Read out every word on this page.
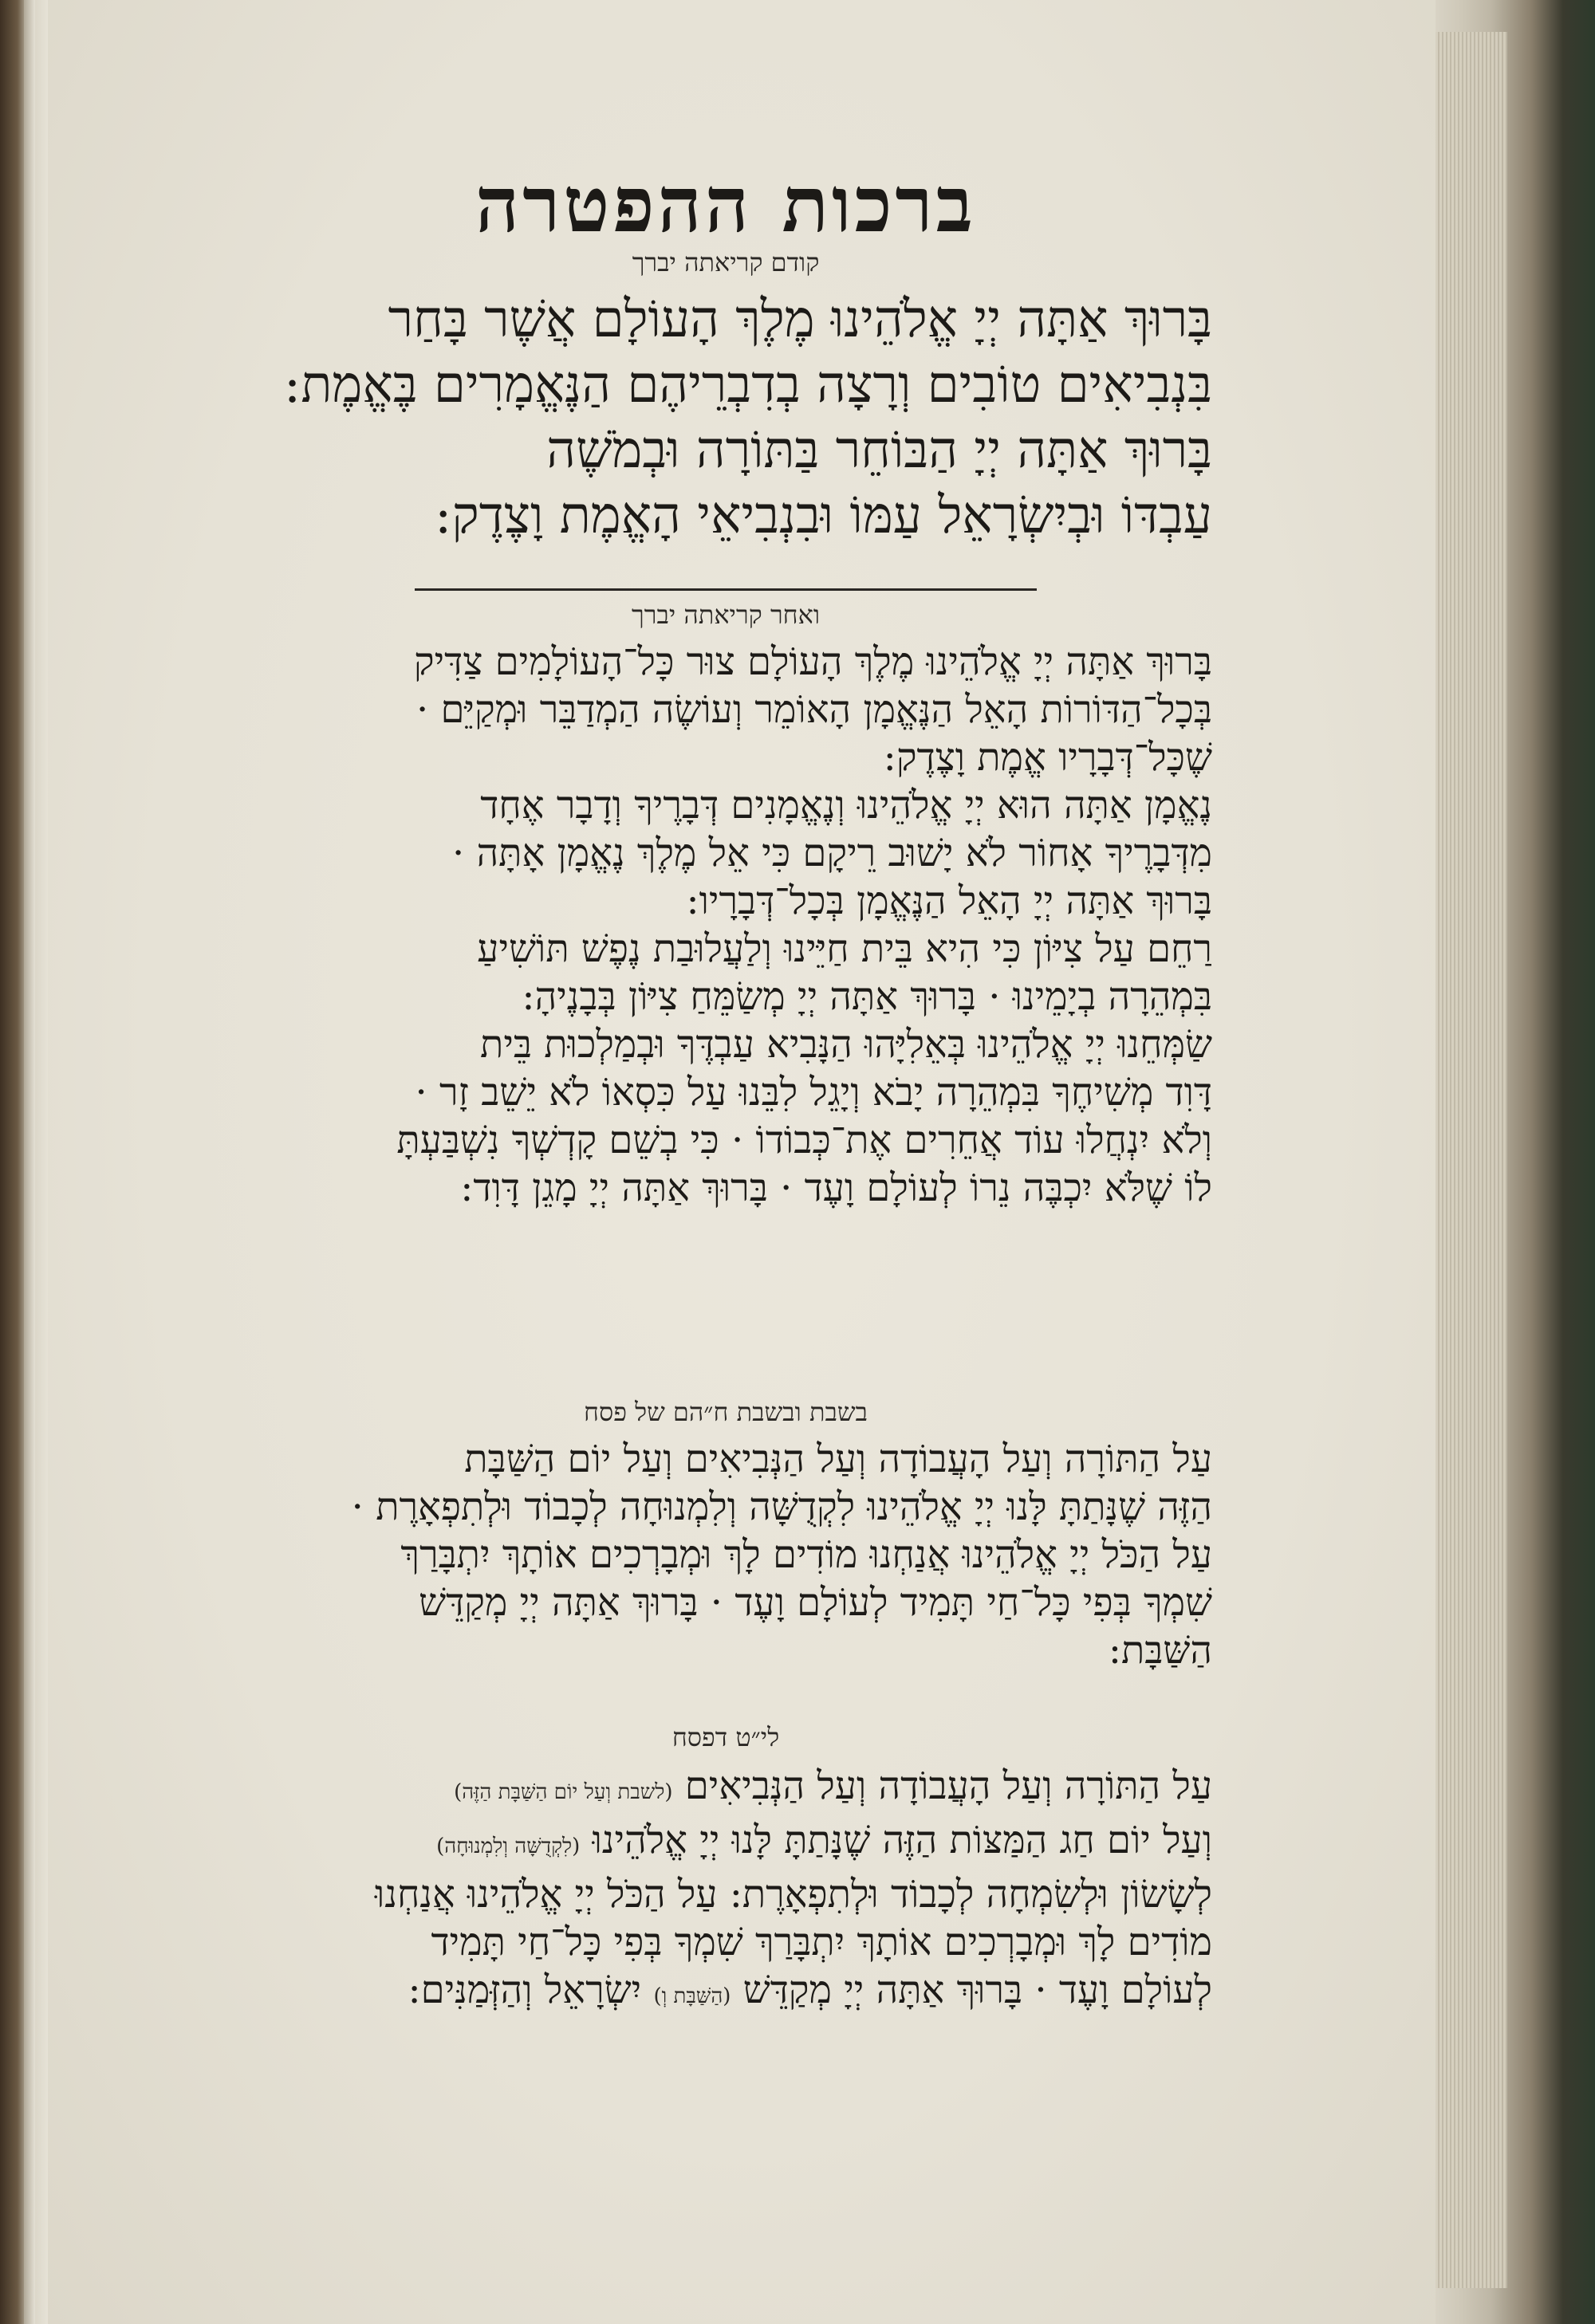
ברכות ההפטרה
קודם קריאתה יברך
בָּרוּךְ אַתָּה יְיָ אֱלֹהֵינוּ מֶלֶךְ הָעוֹלָם אֲשֶׁר בָּחַר
בִּנְבִיאִים טוֹבִים וְרָצָה בְדִבְרֵיהֶם הַנֶּאֱמָרִים בֶּאֱמֶת:
בָּרוּךְ אַתָּה יְיָ הַבּוֹחֵר בַּתּוֹרָה וּבְמֹשֶׁה
עַבְדּוֹ וּבְיִשְׂרָאֵל עַמּוֹ וּבִנְבִיאֵי הָאֱמֶת וָצֶדֶק:
ואחר קריאתה יברך
בָּרוּךְ אַתָּה יְיָ אֱלֹהֵינוּ מֶלֶךְ הָעוֹלָם צוּר כָּל־הָעוֹלָמִים צַדִּיק
בְּכָל־הַדּוֹרוֹת הָאֵל הַנֶּאֱמָן הָאוֹמֵר וְעוֹשֶׂה הַמְדַבֵּר וּמְקַיֵּם ·
שֶׁכָּל־דְּבָרָיו אֱמֶת וָצֶדֶק:
נֶאֱמָן אַתָּה הוּא יְיָ אֱלֹהֵינוּ וְנֶאֱמָנִים דְּבָרֶיךָ וְדָבָר אֶחָד
מִדְּבָרֶיךָ אָחוֹר לֹא יָשׁוּב רֵיקָם כִּי אֵל מֶלֶךְ נֶאֱמָן אָתָּה ·
בָּרוּךְ אַתָּה יְיָ הָאֵל הַנֶּאֱמָן בְּכָל־דְּבָרָיו:
רַחֵם עַל צִיּוֹן כִּי הִיא בֵּית חַיֵּינוּ וְלַעֲלוּבַת נֶפֶשׁ תּוֹשִׁיעַ
בִּמְהֵרָה בְיָמֵינוּ · בָּרוּךְ אַתָּה יְיָ מְשַׂמֵּחַ צִיּוֹן בְּבָנֶיהָ:
שַׂמְּחֵנוּ יְיָ אֱלֹהֵינוּ בְּאֵלִיָּהוּ הַנָּבִיא עַבְדֶּךָ וּבְמַלְכוּת בֵּית
דָּוִד מְשִׁיחֶךָ בִּמְהֵרָה יָבֹא וְיָגֵל לִבֵּנוּ עַל כִּסְאוֹ לֹא יֵשֵׁב זָר ·
וְלֹא יִנְחֲלוּ עוֹד אֲחֵרִים אֶת־כְּבוֹדוֹ · כִּי בְשֵׁם קָדְשְׁךָ נִשְׁבַּעְתָּ
לוֹ שֶׁלֹּא יִכְבֶּה נֵרוֹ לְעוֹלָם וָעֶד · בָּרוּךְ אַתָּה יְיָ מָגֵן דָּוִד:
בשבת ובשבת ח״הם של פסח
עַל הַתּוֹרָה וְעַל הָעֲבוֹדָה וְעַל הַנְּבִיאִים וְעַל יוֹם הַשַּׁבָּת
הַזֶּה שֶׁנָּתַתָּ לָּנוּ יְיָ אֱלֹהֵינוּ לִקְדֻשָּׁה וְלִמְנוּחָה לְכָבוֹד וּלְתִפְאָרֶת ·
עַל הַכֹּל יְיָ אֱלֹהֵינוּ אֲנַחְנוּ מוֹדִים לָךְ וּמְבָרְכִים אוֹתָךְ יִתְבָּרַךְ
שִׁמְךָ בְּפִי כָּל־חַי תָּמִיד לְעוֹלָם וָעֶד · בָּרוּךְ אַתָּה יְיָ מְקַדֵּשׁ
הַשַּׁבָּת:
לי״ט דפסח
עַל הַתּוֹרָה וְעַל הָעֲבוֹדָה וְעַל הַנְּבִיאִים (לשבת וְעַל יוֹם הַשַּׁבָּת הַזֶּה)
וְעַל יוֹם חַג הַמַּצּוֹת הַזֶּה שֶׁנָּתַתָּ לָּנוּ יְיָ אֱלֹהֵינוּ (לִקְדֻשָּׁה וְלִמְנוּחָה)
לְשָׂשׂוֹן וּלְשִׂמְחָה לְכָבוֹד וּלְתִפְאָרֶת: עַל הַכֹּל יְיָ אֱלֹהֵינוּ אֲנַחְנוּ
מוֹדִים לָךְ וּמְבָרְכִים אוֹתָךְ יִתְבָּרַךְ שִׁמְךָ בְּפִי כָּל־חַי תָּמִיד
לְעוֹלָם וָעֶד · בָּרוּךְ אַתָּה יְיָ מְקַדֵּשׁ (הַשַּׁבָּת וְ) יִשְׂרָאֵל וְהַזְּמַנִּים:
